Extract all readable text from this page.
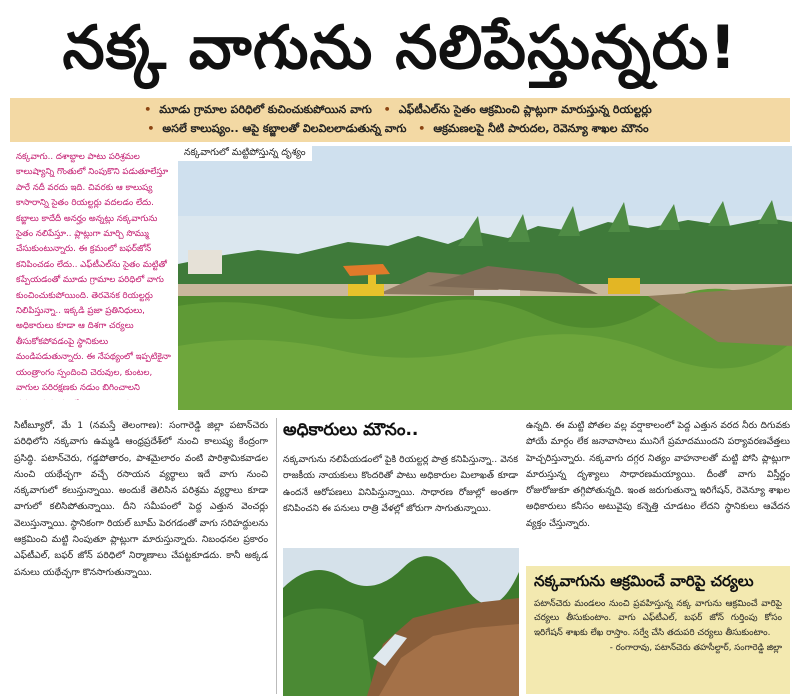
నక్క వాగును నలిపేస్తున్నరు!
• మూడు గ్రామాల పరిధిలో కుచించుకుపోయిన వాగు • ఎఫ్‌టీఎల్‌ను సైతం ఆక్రమించి ప్లాట్లుగా మారుస్తున్న రియల్టర్లు
• అసలే కాలుష్యం.. ఆపై కబ్జాలతో విలవిలలాడుతున్న వాగు • ఆక్రమణలపై నీటి పారుదల, రెవెన్యూ శాఖల మౌనం
నక్కవాగు.. దశాబ్దాల పాటు పరిశ్రమల కాలుష్యాన్ని గొంతులో నింపుకొని పడుతూలేస్తూ పారే నదీ వరదు ఇది. చివరకు ఆ కాలుష్య కాసారాన్ని సైతం రియల్టర్లు వదలడం లేదు. కబ్జాలు కాదేదీ అనర్హం అన్నట్లు నక్కవాగును సైతం నలిపేస్తూ.. ప్లాట్లుగా మార్చి సొమ్ము చేసుకుంటున్నారు. ఈ క్రమంలో బఫర్‌జోన్ కనిపించడం లేదు.. ఎఫ్‌టీఎల్‌ను సైతం మట్టితో కప్పేయడంతో మూడు గ్రామాల పరిధిలో వాగు కుంచించుకుపోయింది. తెరవెనక రియల్టర్లు నిలిపిస్తున్నా.. ఇక్కడి ప్రజా ప్రతినిధులు, అధికారులు కూడా ఆ దిశగా చర్యలు తీసుకోకపోవడంపై స్థానికులు మండిపడుతున్నారు. ఈ నేపథ్యంలో ఇప్పటికైనా యంత్రాంగం స్పందించి చెరువుల, కుంటల, వాగుల పరిరక్షణకు నడుం బిగించాలని
నక్కవాగులో మట్టిపోస్తున్న దృశ్యం
సిటీబ్యూరో, మే 1 (నమస్తే తెలంగాణ): సంగారెడ్డి జిల్లా పటాన్‌చెరు పరిధిలోని నక్కవాగు ఉమ్మడి ఆంధ్రప్రదేశ్‌లో నుంచి కాలుష్య కేంద్రంగా ప్రసిద్ధి. పటాన్‌చెరు, గడ్డపోతారం, పాశమైలారం వంటి పారిశ్రామికవాడల నుంచి యథేచ్ఛగా వచ్చే రసాయన వ్యర్థాలు ఇదే వాగు నుంచి నక్కవాగులో కలుస్తున్నాయి. అందుకే తెలిసిన పరిశ్రమ వ్యర్థాలు కూడా వాగులో కలిసిపోతున్నాయి. దీని సమీపంలో పెద్ద ఎత్తున వెంచర్లు వెలుస్తున్నాయి. స్థానికంగా రియల్ బూమ్ పెరగడంతో వాగు సరిహద్దులను ఆక్రమించి మట్టి నింపుతూ ప్లాట్లుగా మారుస్తున్నారు. నిబంధనల ప్రకారం ఎఫ్‌టీఎల్, బఫర్ జోన్ పరిధిలో నిర్మాణాలు చేపట్టకూడదు. కానీ అక్కడ పనులు యథేచ్ఛగా కొనసాగుతున్నాయి.
అధికారులు మౌనం..
నక్కవాగును నలిపేయడంలో పైకి రియల్టర్ల పాత్ర కనిపిస్తున్నా.. వెనక రాజకీయ నాయకులు కొందరితో పాటు అధికారుల మిలాఖత్ కూడా ఉందనే ఆరోపణలు వినిపిస్తున్నాయి. సాధారణ రోజుల్లో అంతగా కనిపించని ఈ పనులు రాత్రి వేళల్లో జోరుగా సాగుతున్నాయి.
ఉన్నది. ఈ మట్టి పోతల వల్ల వర్షాకాలంలో పెద్ద ఎత్తున వరద నీరు దిగువకు పోయే మార్గం లేక జనావాసాలు మునిగే ప్రమాదముందని పర్యావరణవేత్తలు హెచ్చరిస్తున్నారు. నక్కవాగు దగ్గర నిత్యం వాహనాలతో మట్టి పోసి ప్లాట్లుగా మారుస్తున్న దృశ్యాలు సాధారణమయ్యాయి. దీంతో వాగు విస్తీర్ణం రోజురోజుకూ తగ్గిపోతున్నది. ఇంత జరుగుతున్నా ఇరిగేషన్, రెవెన్యూ శాఖల అధికారులు కనీసం అటువైపు కన్నెత్తి చూడటం లేదని స్థానికులు ఆవేదన వ్యక్తం చేస్తున్నారు.
నక్కవాగును ఆక్రమించే వారిపై చర్యలు
పటాన్‌చెరు మండలం నుంచి ప్రవహిస్తున్న నక్క వాగును ఆక్రమించే వారిపై చర్యలు తీసుకుంటాం. వాగు ఎఫ్‌టీఎల్, బఫర్ జోన్ గుర్తింపు కోసం ఇరిగేషన్ శాఖకు లేఖ రాస్తాం. సర్వే చేసి తదుపరి చర్యలు తీసుకుంటాం.
- రంగారావు, పటాన్‌చెరు తహసీల్దార్, సంగారెడ్డి జిల్లా
